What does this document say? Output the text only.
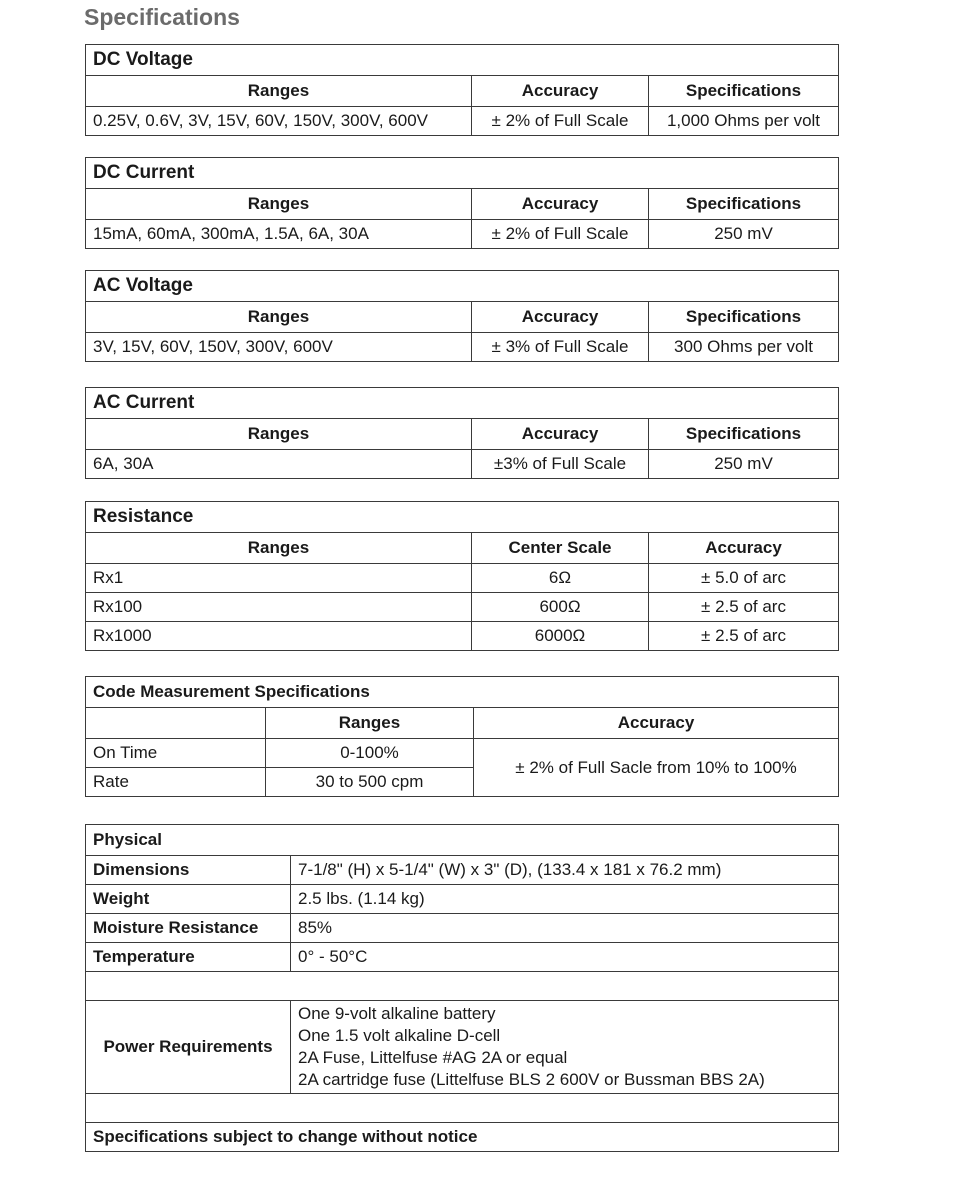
Specifications
DC Voltage		
Ranges	Accuracy	Specifications
0.25V, 0.6V, 3V, 15V, 60V, 150V, 300V, 600V	± 2% of Full Scale	1,000 Ohms per volt
DC Current		
Ranges	Accuracy	Specifications
15mA, 60mA, 300mA, 1.5A, 6A, 30A	± 2% of Full Scale	250 mV
AC Voltage		
Ranges	Accuracy	Specifications
3V, 15V, 60V, 150V, 300V, 600V	± 3% of Full Scale	300 Ohms per volt
AC Current		
Ranges	Accuracy	Specifications
6A, 30A	±3% of Full Scale	250 mV
Resistance		
Ranges	Center Scale	Accuracy
Rx1	6Ω	± 5.0 of arc
Rx100	600Ω	± 2.5 of arc
Rx1000	6000Ω	± 2.5 of arc
Code Measurement Specifications		
	Ranges	Accuracy
On Time	0-100%	± 2% of Full Sacle from 10% to 100%
Rate	30 to 500 cpm	
Physical	
Dimensions	7-1/8" (H) x 5-1/4" (W) x 3" (D), (133.4 x 181 x 76.2 mm)
Weight	2.5 lbs. (1.14 kg)
Moisture Resistance	85%
Temperature	0° - 50°C

Power Requirements	One 9-volt alkaline battery
One 1.5 volt alkaline D-cell
2A Fuse, Littelfuse #AG 2A or equal
2A cartridge fuse (Littelfuse BLS 2 600V or Bussman BBS 2A)

Specifications subject to change without notice	
